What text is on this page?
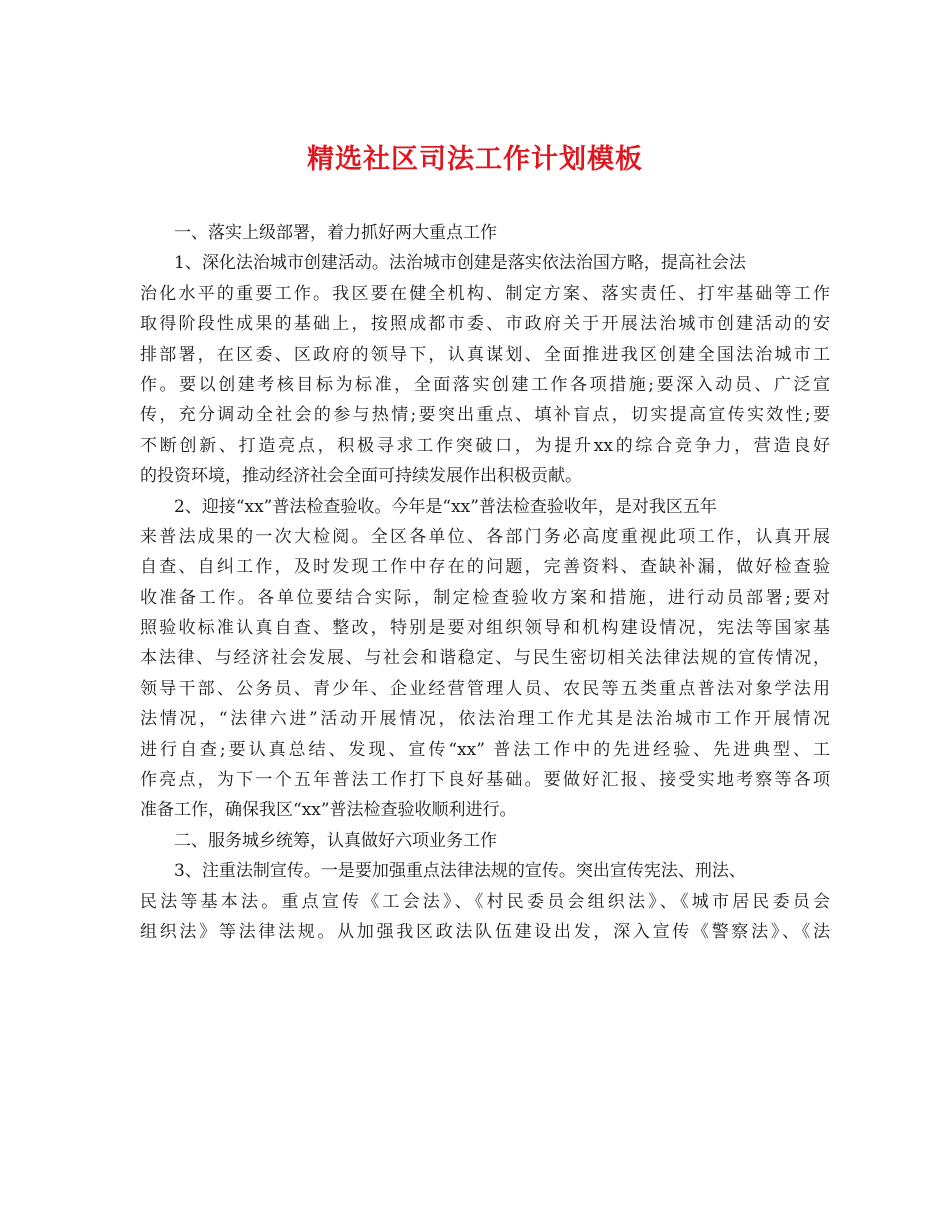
精选社区司法工作计划模板
一、落实上级部署，着力抓好两大重点工作
1、深化法治城市创建活动。法治城市创建是落实依法治国方略，提高社会法
治化水平的重要工作。我区要在健全机构、制定方案、落实责任、打牢基础等工作
取得阶段性成果的基础上，按照成都市委、市政府关于开展法治城市创建活动的安
排部署，在区委、区政府的领导下，认真谋划、全面推进我区创建全国法治城市工
作。要以创建考核目标为标准，全面落实创建工作各项措施;要深入动员、广泛宣
传，充分调动全社会的参与热情;要突出重点、填补盲点，切实提高宣传实效性;要
不断创新、打造亮点，积极寻求工作突破口，为提升xx的综合竞争力，营造良好
的投资环境，推动经济社会全面可持续发展作出积极贡献。
2、迎接“xx”普法检查验收。今年是“xx”普法检查验收年，是对我区五年
来普法成果的一次大检阅。全区各单位、各部门务必高度重视此项工作，认真开展
自查、自纠工作，及时发现工作中存在的问题，完善资料、查缺补漏，做好检查验
收准备工作。各单位要结合实际，制定检查验收方案和措施，进行动员部署;要对
照验收标准认真自查、整改，特别是要对组织领导和机构建设情况，宪法等国家基
本法律、与经济社会发展、与社会和谐稳定、与民生密切相关法律法规的宣传情况，
领导干部、公务员、青少年、企业经营管理人员、农民等五类重点普法对象学法用
法情况，“法律六进”活动开展情况，依法治理工作尤其是法治城市工作开展情况
进行自查;要认真总结、发现、宣传“xx” 普法工作中的先进经验、先进典型、工
作亮点，为下一个五年普法工作打下良好基础。要做好汇报、接受实地考察等各项
准备工作，确保我区“xx”普法检查验收顺利进行。
二、服务城乡统筹，认真做好六项业务工作
3、注重法制宣传。一是要加强重点法律法规的宣传。突出宣传宪法、刑法、
民法等基本法。重点宣传《工会法》、《村民委员会组织法》、《城市居民委员会
组织法》等法律法规。从加强我区政法队伍建设出发，深入宣传《警察法》、《法
